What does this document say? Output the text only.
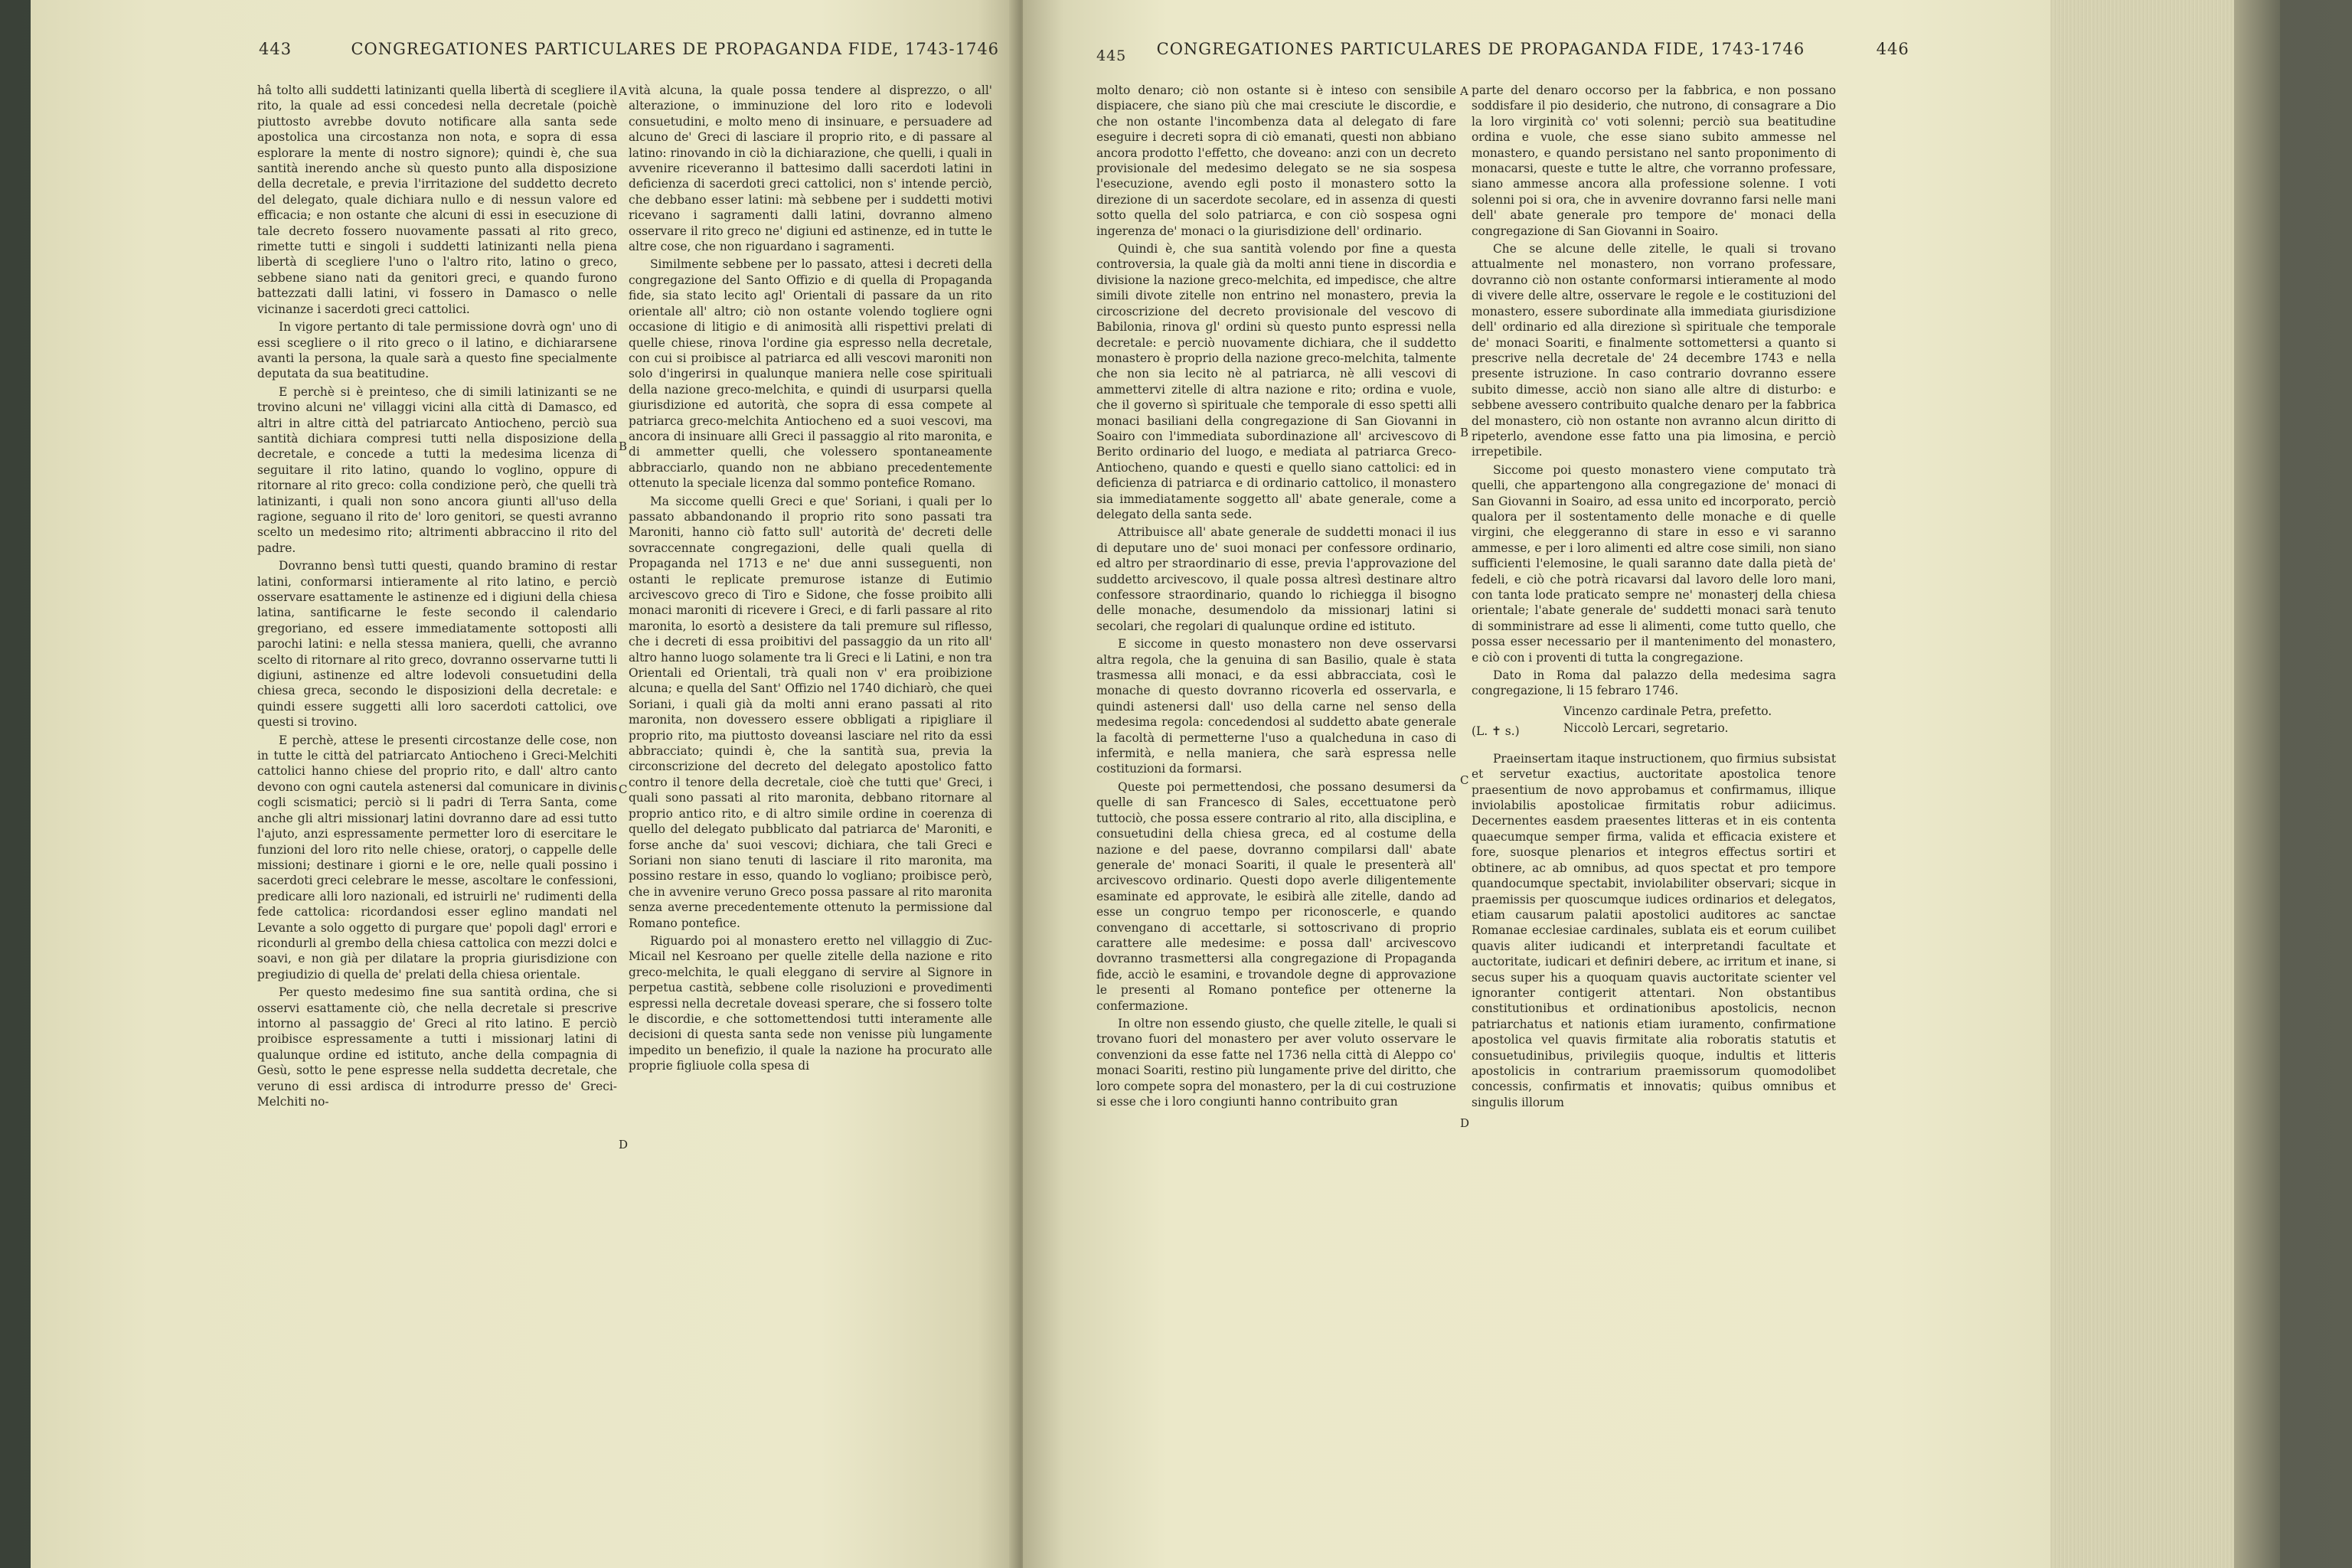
443	CONGREGATIONES PARTICULARES DE PROPAGANDA FIDE, 1743-1746

hâ tolto alli suddetti latinizanti quella libertà di scegliere il rito, la quale ad essi concedesi nella decretale (poichè piuttosto avrebbe dovuto notificare alla santa sede apostolica una circostanza non nota, e sopra di essa esplorare la mente di nostro signore); quindi è, che sua santità inerendo anche sù questo punto alla disposizione della decretale, e previa l'irritazione del suddetto decreto del delegato, quale dichiara nullo e di nessun valore ed efficacia; e non ostante che alcuni di essi in esecuzione di tale decreto fossero nuovamente passati al rito greco, rimette tutti e singoli i suddetti latinizanti nella piena libertà di scegliere l'uno o l'altro rito, latino o greco, sebbene siano nati da genitori greci, e quando furono battezzati dalli latini, vi fossero in Damasco o nelle vicinanze i sacerdoti greci cattolici.

In vigore pertanto di tale permissione dovrà ogn' uno di essi scegliere o il rito greco o il latino, e dichiararsene avanti la persona, la quale sarà a questo fine specialmente deputata da sua beatitudine.

E perchè si è preinteso, che di simili latinizanti se ne trovino alcuni ne' villaggi vicini alla città di Damasco, ed altri in altre città del patriarcato Antiocheno, perciò sua santità dichiara compresi tutti nella disposizione della decretale, e concede a tutti la medesima licenza di seguitare il rito latino, quando lo voglino, oppure di ritornare al rito greco: colla condizione però, che quelli trà latinizanti, i quali non sono ancora giunti all'uso della ragione, seguano il rito de' loro genitori, se questi avranno scelto un medesimo rito; altrimenti abbraccino il rito del padre.

Dovranno bensì tutti questi, quando bramino di restar latini, conformarsi intieramente al rito latino, e perciò osservare esattamente le astinenze ed i digiuni della chiesa latina, santificarne le feste secondo il calendario gregoriano, ed essere immediatamente sottoposti alli parochi latini: e nella stessa maniera, quelli, che avranno scelto di ritornare al rito greco, dovranno osservarne tutti li digiuni, astinenze ed altre lodevoli consuetudini della chiesa greca, secondo le disposizioni della decretale: e quindi essere suggetti alli loro sacerdoti cattolici, ove questi si trovino.

E perchè, attese le presenti circostanze delle cose, non in tutte le città del patriarcato Antiocheno i Greci-Melchiti cattolici hanno chiese del proprio rito, e dall' altro canto devono con ogni cautela astenersi dal comunicare in divinis cogli scismatici; perciò si li padri di Terra Santa, come anche gli altri missionarj latini dovranno dare ad essi tutto l'ajuto, anzi espressamente permetter loro di esercitare le funzioni del loro rito nelle chiese, oratorj, o cappelle delle missioni; destinare i giorni e le ore, nelle quali possino i sacerdoti greci celebrare le messe, ascoltare le confessioni, predicare alli loro nazionali, ed istruirli ne' rudimenti della fede cattolica: ricordandosi esser eglino mandati nel Levante a solo oggetto di purgare que' popoli dagl' errori e ricondurli al grembo della chiesa cattolica con mezzi dolci e soavi, e non già per dilatare la propria giurisdizione con pregiudizio di quella de' prelati della chiesa orientale.

Per questo medesimo fine sua santità ordina, che si osservi esattamente ciò, che nella decretale si prescrive intorno al passaggio de' Greci al rito latino. E perciò proibisce espressamente a tutti i missionarj latini di qualunque ordine ed istituto, anche della compagnia di Gesù, sotto le pene espresse nella suddetta decretale, che veruno di essi ardisca di introdurre presso de' Greci-Melchiti no-

vità alcuna, la quale possa tendere al disprezzo, o all' alterazione, o imminuzione del loro rito e lodevoli consuetudini, e molto meno di insinuare, e persuadere ad alcuno de' Greci di lasciare il proprio rito, e di passare al latino: rinovando in ciò la dichiarazione, che quelli, i quali in avvenire riceveranno il battesimo dalli sacerdoti latini in deficienza di sacerdoti greci cattolici, non s' intende perciò, che debbano esser latini: mà sebbene per i suddetti motivi ricevano i sagramenti dalli latini, dovranno almeno osservare il rito greco ne' digiuni ed astinenze, ed in tutte le altre cose, che non riguardano i sagramenti.

Similmente sebbene per lo passato, attesi i decreti della congregazione del Santo Offizio e di quella di Propaganda fide, sia stato lecito agl' Orientali di passare da un rito orientale all' altro; ciò non ostante volendo togliere ogni occasione di litigio e di animosità alli rispettivi prelati di quelle chiese, rinova l'ordine gia espresso nella decretale, con cui si proibisce al patriarca ed alli vescovi maroniti non solo d'ingerirsi in qualunque maniera nelle cose spirituali della nazione greco-melchita, e quindi di usurparsi quella giurisdizione ed autorità, che sopra di essa compete al patriarca greco-melchita Antiocheno ed a suoi vescovi, ma ancora di insinuare alli Greci il passaggio al rito maronita, e di ammetter quelli, che volessero spontaneamente abbracciarlo, quando non ne abbiano precedentemente ottenuto la speciale licenza dal sommo pontefice Romano.

Ma siccome quelli Greci e que' Soriani, i quali per lo passato abbandonando il proprio rito sono passati tra Maroniti, hanno ciò fatto sull' autorità de' decreti delle sovraccennate congregazioni, delle quali quella di Propaganda nel 1713 e ne' due anni susseguenti, non ostanti le replicate premurose istanze di Eutimio arcivescovo greco di Tiro e Sidone, che fosse proibito alli monaci maroniti di ricevere i Greci, e di farli passare al rito maronita, lo esortò a desistere da tali premure sul riflesso, che i decreti di essa proibitivi del passaggio da un rito all' altro hanno luogo solamente tra li Greci e li Latini, e non tra Orientali ed Orientali, trà quali non v' era proibizione alcuna; e quella del Sant' Offizio nel 1740 dichiarò, che quei Soriani, i quali già da molti anni erano passati al rito maronita, non dovessero essere obbligati a ripigliare il proprio rito, ma piuttosto doveansi lasciare nel rito da essi abbracciato; quindi è, che la santità sua, previa la circonscrizione del decreto del delegato apostolico fatto contro il tenore della decretale, cioè che tutti que' Greci, i quali sono passati al rito maronita, debbano ritornare al proprio antico rito, e di altro simile ordine in coerenza di quello del delegato pubblicato dal patriarca de' Maroniti, e forse anche da' suoi vescovi; dichiara, che tali Greci e Soriani non siano tenuti di lasciare il rito maronita, ma possino restare in esso, quando lo vogliano; proibisce però, che in avvenire veruno Greco possa passare al rito maronita senza averne precedentemente ottenuto la permissione dal Romano pontefice.

Riguardo poi al monastero eretto nel villaggio di Zuc-Micail nel Kesroano per quelle zitelle della nazione e rito greco-melchita, le quali eleggano di servire al Signore in perpetua castità, sebbene colle risoluzioni e provedimenti espressi nella decretale doveasi sperare, che si fossero tolte le discordie, e che sottomettendosi tutti interamente alle decisioni di questa santa sede non venisse più lungamente impedito un benefizio, il quale la nazione ha procurato alle proprie figliuole colla spesa di

A
B
C
D
445 CONGREGATIONES PARTICULARES DE PROPAGANDA FIDE, 1743-1746	446

molto denaro; ciò non ostante si è inteso con sensibile dispiacere, che siano più che mai cresciute le discordie, e che non ostante l'incombenza data al delegato di fare eseguire i decreti sopra di ciò emanati, questi non abbiano ancora prodotto l'effetto, che doveano: anzi con un decreto provisionale del medesimo delegato se ne sia sospesa l'esecuzione, avendo egli posto il monastero sotto la direzione di un sacerdote secolare, ed in assenza di questi sotto quella del solo patriarca, e con ciò sospesa ogni ingerenza de' monaci o la giurisdizione dell' ordinario.

Quindi è, che sua santità volendo por fine a questa controversia, la quale già da molti anni tiene in discordia e divisione la nazione greco-melchita, ed impedisce, che altre simili divote zitelle non entrino nel monastero, previa la circoscrizione del decreto provisionale del vescovo di Babilonia, rinova gl' ordini sù questo punto espressi nella decretale: e perciò nuovamente dichiara, che il suddetto monastero è proprio della nazione greco-melchita, talmente che non sia lecito nè al patriarca, nè alli vescovi di ammettervi zitelle di altra nazione e rito; ordina e vuole, che il governo sì spirituale che temporale di esso spetti alli monaci basiliani della congregazione di San Giovanni in Soairo con l'immediata subordinazione all' arcivescovo di Berito ordinario del luogo, e mediata al patriarca Greco-Antiocheno, quando e questi e quello siano cattolici: ed in deficienza di patriarca e di ordinario cattolico, il monastero sia immediatamente soggetto all' abate generale, come a delegato della santa sede.

Attribuisce all' abate generale de suddetti monaci il ius di deputare uno de' suoi monaci per confessore ordinario, ed altro per straordinario di esse, previa l'approvazione del suddetto arcivescovo, il quale possa altresì destinare altro confessore straordinario, quando lo richiegga il bisogno delle monache, desumendolo da missionarj latini si secolari, che regolari di qualunque ordine ed istituto.

E siccome in questo monastero non deve osservarsi altra regola, che la genuina di san Basilio, quale è stata trasmessa alli monaci, e da essi abbracciata, così le monache di questo dovranno ricoverla ed osservarla, e quindi astenersi dall' uso della carne nel senso della medesima regola: concedendosi al suddetto abate generale la facoltà di permetterne l'uso a qualcheduna in caso di infermità, e nella maniera, che sarà espressa nelle costituzioni da formarsi.

Queste poi permettendosi, che possano desumersi da quelle di san Francesco di Sales, eccettuatone però tuttociò, che possa essere contrario al rito, alla disciplina, e consuetudini della chiesa greca, ed al costume della nazione e del paese, dovranno compilarsi dall' abate generale de' monaci Soariti, il quale le presenterà all' arcivescovo ordinario. Questi dopo averle diligentemente esaminate ed approvate, le esibirà alle zitelle, dando ad esse un congruo tempo per riconoscerle, e quando convengano di accettarle, si sottoscrivano di proprio carattere alle medesime: e possa dall' arcivescovo dovranno trasmettersi alla congregazione di Propaganda fide, acciò le esamini, e trovandole degne di approvazione le presenti al Romano pontefice per ottenerne la confermazione.

In oltre non essendo giusto, che quelle zitelle, le quali si trovano fuori del monastero per aver voluto osservare le convenzioni da esse fatte nel 1736 nella città di Aleppo co' monaci Soariti, restino più lungamente prive del diritto, che loro compete sopra del monastero, per la di cui costruzione si esse che i loro congiunti hanno contribuito gran

parte del denaro occorso per la fabbrica, e non possano soddisfare il pio desiderio, che nutrono, di consagrare a Dio la loro virginità co' voti solenni; perciò sua beatitudine ordina e vuole, che esse siano subito ammesse nel monastero, e quando persistano nel santo proponimento di monacarsi, queste e tutte le altre, che vorranno professare, siano ammesse ancora alla professione solenne. I voti solenni poi si ora, che in avvenire dovranno farsi nelle mani dell' abate generale pro tempore de' monaci della congregazione di San Giovanni in Soairo.

Che se alcune delle zitelle, le quali si trovano attualmente nel monastero, non vorrano professare, dovranno ciò non ostante conformarsi intieramente al modo di vivere delle altre, osservare le regole e le costituzioni del monastero, essere subordinate alla immediata giurisdizione dell' ordinario ed alla direzione sì spirituale che temporale de' monaci Soariti, e finalmente sottomettersi a quanto si prescrive nella decretale de' 24 decembre 1743 e nella presente istruzione. In caso contrario dovranno essere subito dimesse, acciò non siano alle altre di disturbo: e sebbene avessero contribuito qualche denaro per la fabbrica del monastero, ciò non ostante non avranno alcun diritto di ripeterlo, avendone esse fatto una pia limosina, e perciò irrepetibile.

Siccome poi questo monastero viene computato trà quelli, che appartengono alla congregazione de' monaci di San Giovanni in Soairo, ad essa unito ed incorporato, perciò qualora per il sostentamento delle monache e di quelle virgini, che eleggeranno di stare in esso e vi saranno ammesse, e per i loro alimenti ed altre cose simili, non siano sufficienti l'elemosine, le quali saranno date dalla pietà de' fedeli, e ciò che potrà ricavarsi dal lavoro delle loro mani, con tanta lode praticato sempre ne' monasterj della chiesa orientale; l'abate generale de' suddetti monaci sarà tenuto di somministrare ad esse li alimenti, come tutto quello, che possa esser necessario per il mantenimento del monastero, e ciò con i proventi di tutta la congregazione.

Dato in Roma dal palazzo della medesima sagra congregazione, li 15 febraro 1746.

Vincenzo cardinale Petra, prefetto.
(L. ✝ s.)	Niccolò Lercari, segretario.

Praeinsertam itaque instructionem, quo firmius subsistat et servetur exactius, auctoritate apostolica tenore praesentium de novo approbamus et confirmamus, illique inviolabilis apostolicae firmitatis robur adiicimus. Decernentes easdem praesentes litteras et in eis contenta quaecumque semper firma, valida et efficacia existere et fore, suosque plenarios et integros effectus sortiri et obtinere, ac ab omnibus, ad quos spectat et pro tempore quandocumque spectabit, inviolabiliter observari; sicque in praemissis per quoscumque iudices ordinarios et delegatos, etiam causarum palatii apostolici auditores ac sanctae Romanae ecclesiae cardinales, sublata eis et eorum cuilibet quavis aliter iudicandi et interpretandi facultate et auctoritate, iudicari et definiri debere, ac irritum et inane, si secus super his a quoquam quavis auctoritate scienter vel ignoranter contigerit attentari. Non obstantibus constitutionibus et ordinationibus apostolicis, necnon patriarchatus et nationis etiam iuramento, confirmatione apostolica vel quavis firmitate alia roboratis statutis et consuetudinibus, privilegiis quoque, indultis et litteris apostolicis in contrarium praemissorum quomodolibet concessis, confirmatis et innovatis; quibus omnibus et singulis illorum

A
B
C
D
